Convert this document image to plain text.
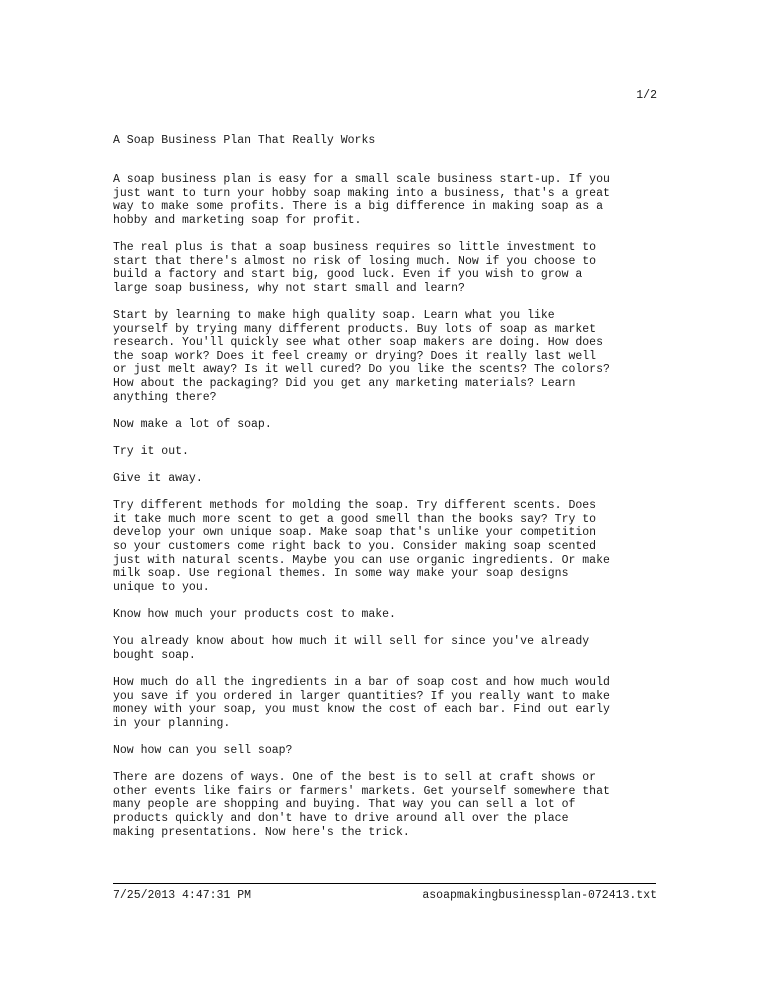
1/2
A Soap Business Plan That Really Works

A soap business plan is easy for a small scale business start-up. If you
just want to turn your hobby soap making into a business, that's a great
way to make some profits. There is a big difference in making soap as a
hobby and marketing soap for profit.

The real plus is that a soap business requires so little investment to
start that there's almost no risk of losing much. Now if you choose to
build a factory and start big, good luck. Even if you wish to grow a
large soap business, why not start small and learn?

Start by learning to make high quality soap. Learn what you like
yourself by trying many different products. Buy lots of soap as market
research. You'll quickly see what other soap makers are doing. How does
the soap work? Does it feel creamy or drying? Does it really last well
or just melt away? Is it well cured? Do you like the scents? The colors?
How about the packaging? Did you get any marketing materials? Learn
anything there?

Now make a lot of soap.

Try it out.

Give it away.

Try different methods for molding the soap. Try different scents. Does
it take much more scent to get a good smell than the books say? Try to
develop your own unique soap. Make soap that's unlike your competition
so your customers come right back to you. Consider making soap scented
just with natural scents. Maybe you can use organic ingredients. Or make
milk soap. Use regional themes. In some way make your soap designs
unique to you.

Know how much your products cost to make.

You already know about how much it will sell for since you've already
bought soap.

How much do all the ingredients in a bar of soap cost and how much would
you save if you ordered in larger quantities? If you really want to make
money with your soap, you must know the cost of each bar. Find out early
in your planning.

Now how can you sell soap?

There are dozens of ways. One of the best is to sell at craft shows or
other events like fairs or farmers' markets. Get yourself somewhere that
many people are shopping and buying. That way you can sell a lot of
products quickly and don't have to drive around all over the place
making presentations. Now here's the trick.

7/25/2013 4:47:31 PM	asoapmakingbusinessplan-072413.txt
